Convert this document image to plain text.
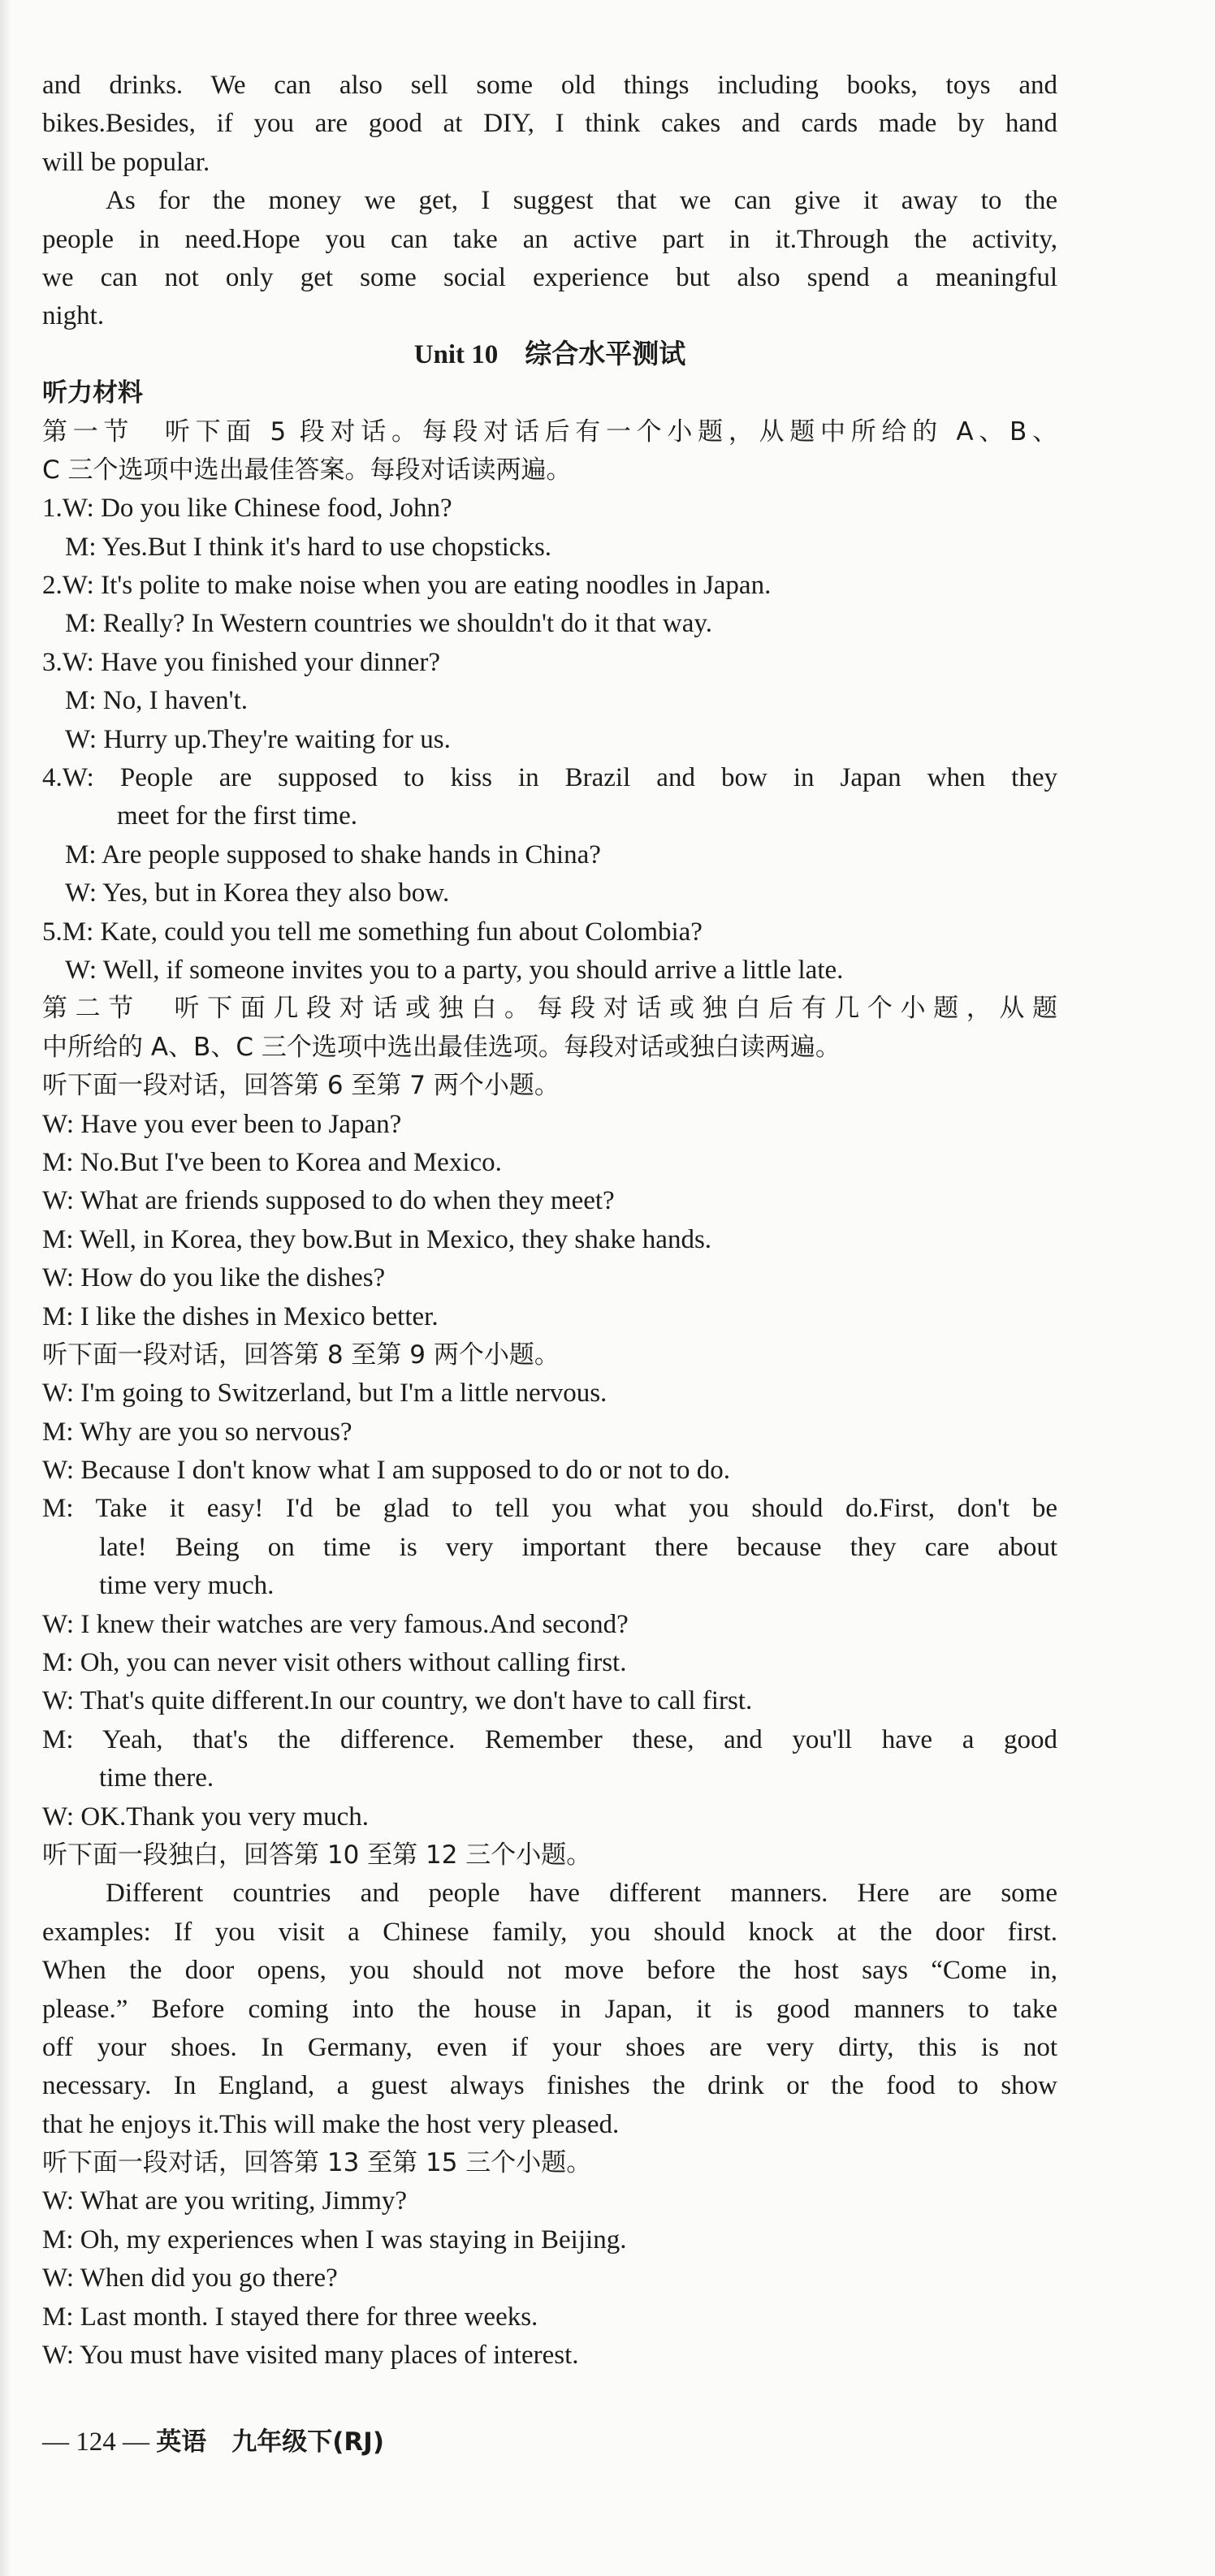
and drinks. We can also sell some old things including books, toys and
bikes.Besides, if you are good at DIY, I think cakes and cards made by hand
will be popular.
As for the money we get, I suggest that we can give it away to the
people in need.Hope you can take an active part in it.Through the activity,
we can not only get some social experience but also spend a meaningful
night.
Unit 10　综合水平测试
听力材料
第一节　听下面 5 段对话。每段对话后有一个小题，从题中所给的 A、B、
C 三个选项中选出最佳答案。每段对话读两遍。
1.W: Do you like Chinese food, John?
M: Yes.But I think it's hard to use chopsticks.
2.W: It's polite to make noise when you are eating noodles in Japan.
M: Really? In Western countries we shouldn't do it that way.
3.W: Have you finished your dinner?
M: No, I haven't.
W: Hurry up.They're waiting for us.
4.W: People are supposed to kiss in Brazil and bow in Japan when they
meet for the first time.
M: Are people supposed to shake hands in China?
W: Yes, but in Korea they also bow.
5.M: Kate, could you tell me something fun about Colombia?
W: Well, if someone invites you to a party, you should arrive a little late.
第二节　听下面几段对话或独白。每段对话或独白后有几个小题，从题
中所给的 A、B、C 三个选项中选出最佳选项。每段对话或独白读两遍。
听下面一段对话，回答第 6 至第 7 两个小题。
W: Have you ever been to Japan?
M: No.But I've been to Korea and Mexico.
W: What are friends supposed to do when they meet?
M: Well, in Korea, they bow.But in Mexico, they shake hands.
W: How do you like the dishes?
M: I like the dishes in Mexico better.
听下面一段对话，回答第 8 至第 9 两个小题。
W: I'm going to Switzerland, but I'm a little nervous.
M: Why are you so nervous?
W: Because I don't know what I am supposed to do or not to do.
M: Take it easy! I'd be glad to tell you what you should do.First, don't be
late! Being on time is very important there because they care about
time very much.
W: I knew their watches are very famous.And second?
M: Oh, you can never visit others without calling first.
W: That's quite different.In our country, we don't have to call first.
M: Yeah, that's the difference. Remember these, and you'll have a good
time there.
W: OK.Thank you very much.
听下面一段独白，回答第 10 至第 12 三个小题。
Different countries and people have different manners. Here are some
examples: If you visit a Chinese family, you should knock at the door first.
When the door opens, you should not move before the host says “Come in,
please.” Before coming into the house in Japan, it is good manners to take
off your shoes. In Germany, even if your shoes are very dirty, this is not
necessary. In England, a guest always finishes the drink or the food to show
that he enjoys it.This will make the host very pleased.
听下面一段对话，回答第 13 至第 15 三个小题。
W: What are you writing, Jimmy?
M: Oh, my experiences when I was staying in Beijing.
W: When did you go there?
M: Last month. I stayed there for three weeks.
W: You must have visited many places of interest.
— 124 — 英语　九年级下(RJ)
